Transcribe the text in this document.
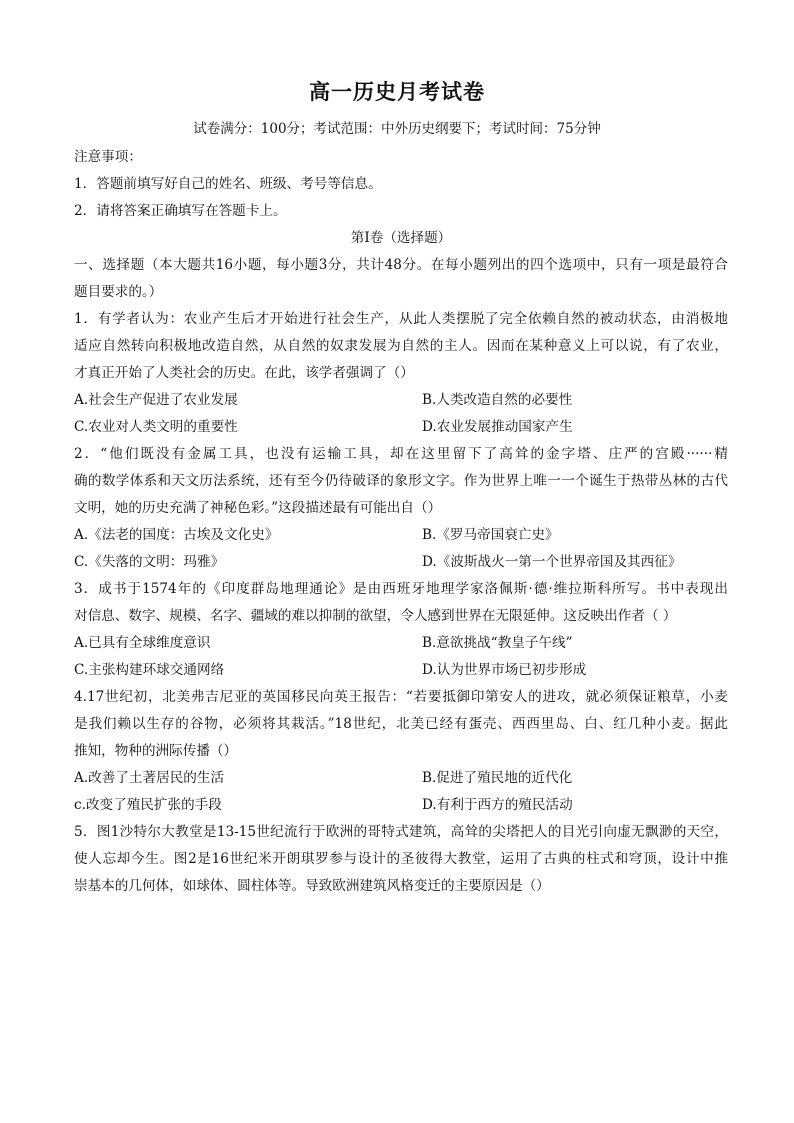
高一历史月考试卷
试卷满分：100分；考试范围：中外历史纲要下；考试时间：75分钟
注意事项：
1．答题前填写好自己的姓名、班级、考号等信息。
2．请将答案正确填写在答题卡上。
第I卷（选择题）
一、选择题（本大题共16小题，每小题3分，共计48分。在每小题列出的四个选项中，只有一项是最符合
题目要求的。）
1．有学者认为：农业产生后才开始进行社会生产，从此人类摆脱了完全依赖自然的被动状态，由消极地
适应自然转向积极地改造自然，从自然的奴隶发展为自然的主人。因而在某种意义上可以说，有了农业，
才真正开始了人类社会的历史。在此，该学者强调了（）
A.社会生产促进了农业发展	B.人类改造自然的必要性
C.农业对人类文明的重要性	D.农业发展推动国家产生
2．“他们既没有金属工具，也没有运输工具，却在这里留下了高耸的金字塔、庄严的宫殿······精
确的数学体系和天文历法系统，还有至今仍待破译的象形文字。作为世界上唯一一个诞生于热带丛林的古代
文明，她的历史充满了神秘色彩。”这段描述最有可能出自（）
A.《法老的国度：古埃及文化史》	B.《罗马帝国衰亡史》
C.《失落的文明：玛雅》	D.《波斯战火一第一个世界帝国及其西征》
3．成书于1574年的《印度群岛地理通论》是由西班牙地理学家洛佩斯·德·维拉斯科所写。书中表现出
对信息、数字、规模、名字、疆域的难以抑制的欲望，令人感到世界在无限延伸。这反映出作者（ ）
A.已具有全球维度意识	B.意欲挑战“教皇子午线”
C.主张构建环球交通网络	D.认为世界市场已初步形成
4.17世纪初，北美弗吉尼亚的英国移民向英王报告：“若要抵御印第安人的进攻，就必须保证粮草，小麦
是我们赖以生存的谷物，必须将其栽活。”18世纪，北美已经有蛋壳、西西里岛、白、红几种小麦。据此
推知，物种的洲际传播（）
A.改善了土著居民的生活	B.促进了殖民地的近代化
c.改变了殖民扩张的手段	D.有利于西方的殖民活动
5．图1沙特尔大教堂是13-15世纪流行于欧洲的哥特式建筑，高耸的尖塔把人的目光引向虚无飘渺的天空，
使人忘却今生。图2是16世纪米开朗琪罗参与设计的圣彼得大教堂，运用了古典的柱式和穹顶，设计中推
崇基本的几何体，如球体、圆柱体等。导致欧洲建筑风格变迁的主要原因是（）
